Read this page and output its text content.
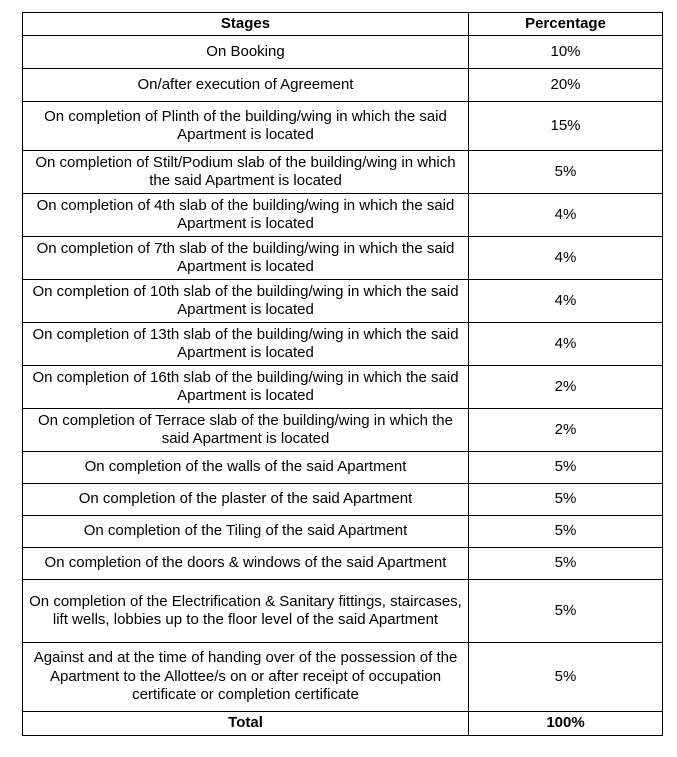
Stages	Percentage
On Booking	10%
On/after execution of Agreement	20%
On completion of Plinth of the building/wing in which the said Apartment is located	15%
On completion of Stilt/Podium slab of the building/wing in which the said Apartment is located	5%
On completion of 4th slab of the building/wing in which the said Apartment is located	4%
On completion of 7th slab of the building/wing in which the said Apartment is located	4%
On completion of 10th slab of the building/wing in which the said Apartment is located	4%
On completion of 13th slab of the building/wing in which the said Apartment is located	4%
On completion of 16th slab of the building/wing in which the said Apartment is located	2%
On completion of Terrace slab of the building/wing in which the said Apartment is located	2%
On completion of the walls of the said Apartment	5%
On completion of the plaster of the said Apartment	5%
On completion of the Tiling of the said Apartment	5%
On completion of the doors & windows of the said Apartment	5%
On completion of the Electrification & Sanitary fittings, staircases, lift wells, lobbies up to the floor level of the said Apartment	5%
Against and at the time of handing over of the possession of the Apartment to the Allottee/s on or after receipt of occupation certificate or completion certificate	5%
Total	100%
